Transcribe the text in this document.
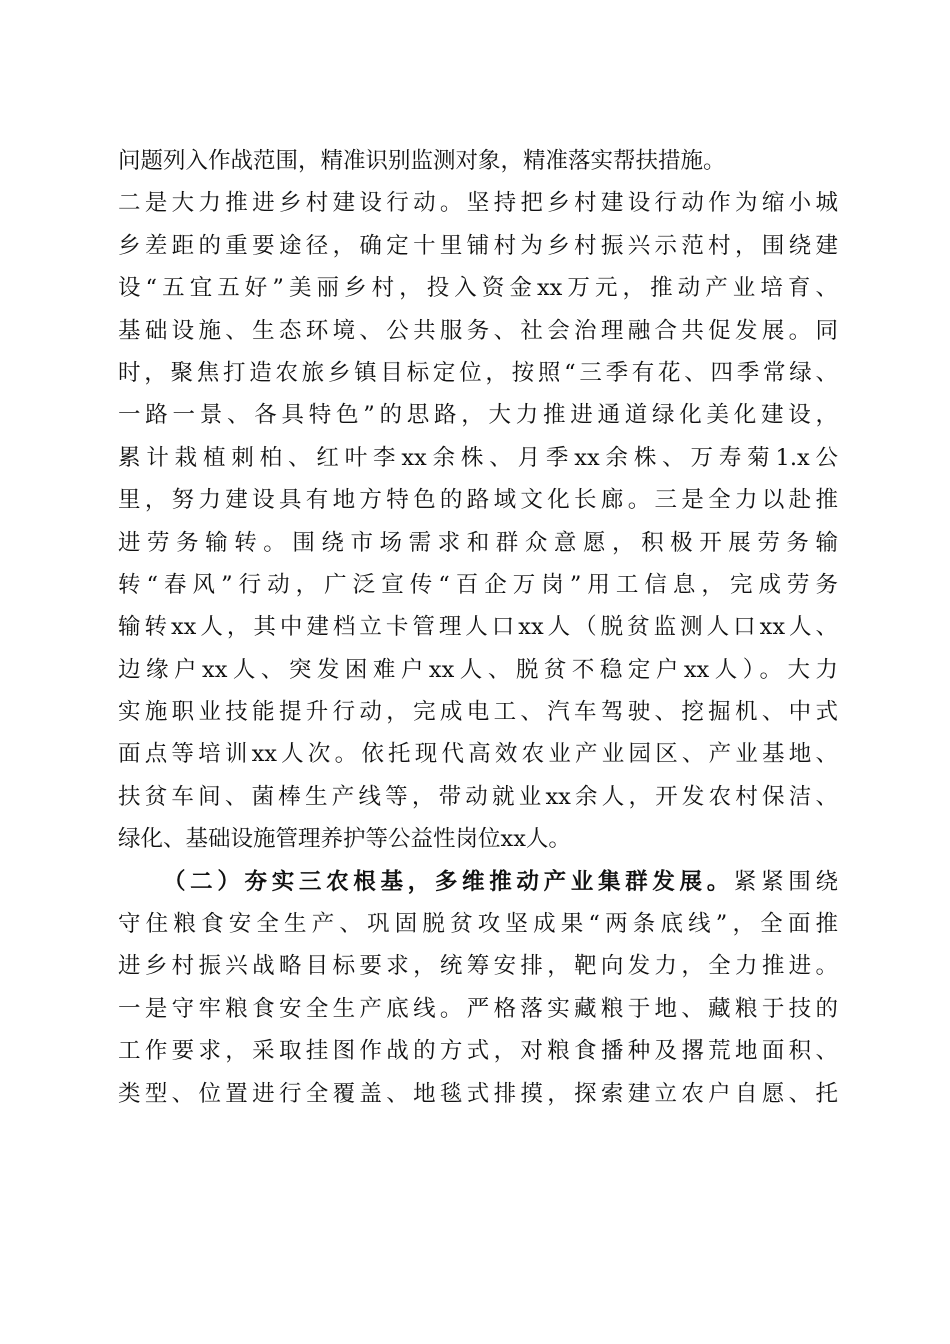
问题列入作战范围，精准识别监测对象，精准落实帮扶措施。
二是大力推进乡村建设行动。坚持把乡村建设行动作为缩小城
乡差距的重要途径，确定十里铺村为乡村振兴示范村，围绕建
设“五宜五好”美丽乡村，投入资金xx万元，推动产业培育、
基础设施、生态环境、公共服务、社会治理融合共促发展。同
时，聚焦打造农旅乡镇目标定位，按照“三季有花、四季常绿、
一路一景、各具特色”的思路，大力推进通道绿化美化建设，
累计栽植刺柏、红叶李xx余株、月季xx余株、万寿菊1.x公
里，努力建设具有地方特色的路域文化长廊。三是全力以赴推
进劳务输转。围绕市场需求和群众意愿，积极开展劳务输
转“春风”行动，广泛宣传“百企万岗”用工信息，完成劳务
输转xx人，其中建档立卡管理人口xx人（脱贫监测人口xx人、
边缘户xx人、突发困难户xx人、脱贫不稳定户xx人）。大力
实施职业技能提升行动，完成电工、汽车驾驶、挖掘机、中式
面点等培训xx人次。依托现代高效农业产业园区、产业基地、
扶贫车间、菌棒生产线等，带动就业xx余人，开发农村保洁、
绿化、基础设施管理养护等公益性岗位xx人。
（二）夯实三农根基，多维推动产业集群发展。紧紧围绕
守住粮食安全生产、巩固脱贫攻坚成果“两条底线”，全面推
进乡村振兴战略目标要求，统筹安排，靶向发力，全力推进。
一是守牢粮食安全生产底线。严格落实藏粮于地、藏粮于技的
工作要求，采取挂图作战的方式，对粮食播种及撂荒地面积、
类型、位置进行全覆盖、地毯式排摸，探索建立农户自愿、托
